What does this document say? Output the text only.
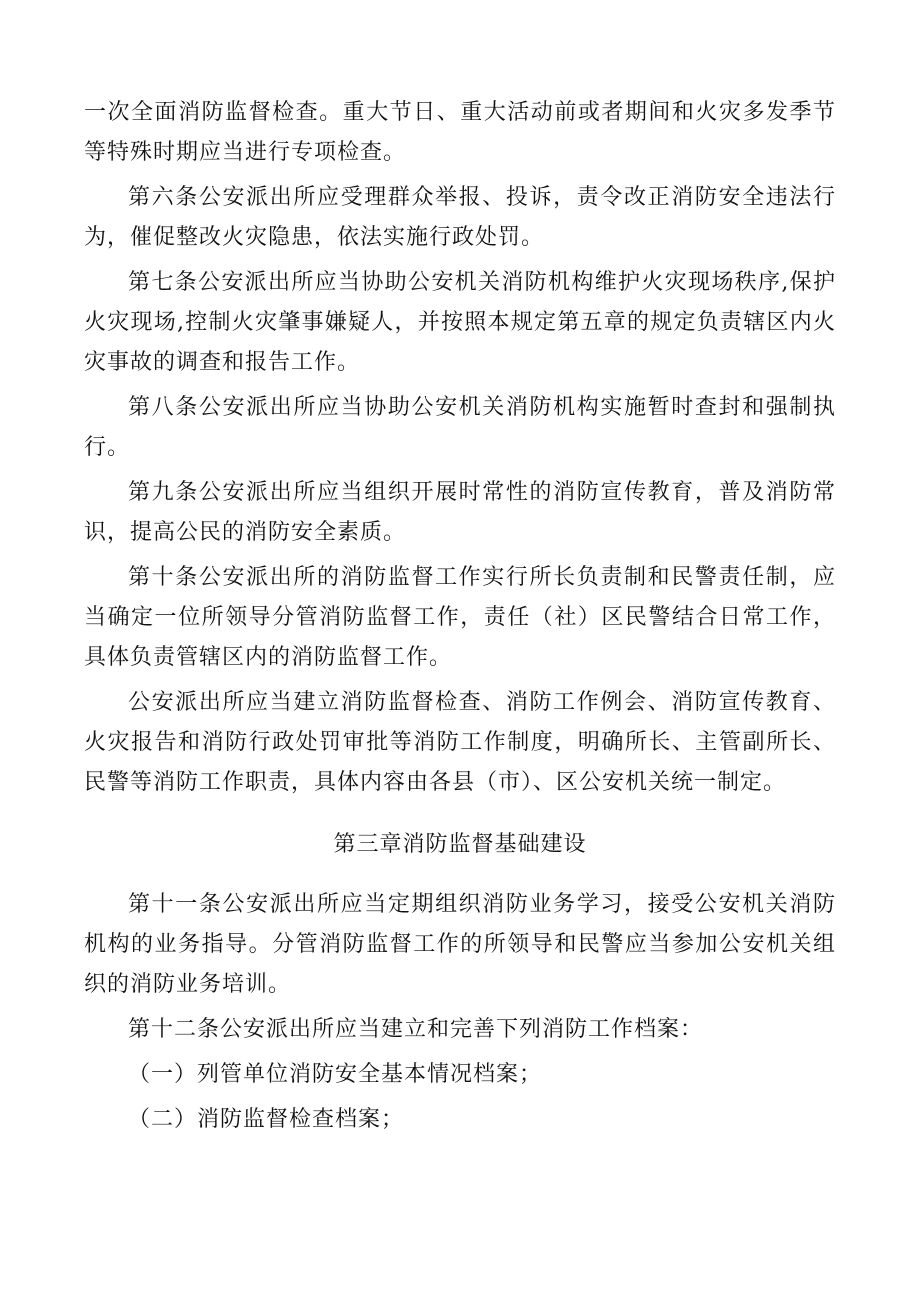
一次全面消防监督检查。重大节日、重大活动前或者期间和火灾多发季节等特殊时期应当进行专项检查。

第六条公安派出所应受理群众举报、投诉，责令改正消防安全违法行为，催促整改火灾隐患，依法实施行政处罚。

第七条公安派出所应当协助公安机关消防机构维护火灾现场秩序,保护火灾现场,控制火灾肇事嫌疑人，并按照本规定第五章的规定负责辖区内火灾事故的调查和报告工作。

第八条公安派出所应当协助公安机关消防机构实施暂时查封和强制执行。

第九条公安派出所应当组织开展时常性的消防宣传教育，普及消防常识，提高公民的消防安全素质。

第十条公安派出所的消防监督工作实行所长负责制和民警责任制，应当确定一位所领导分管消防监督工作，责任（社）区民警结合日常工作，具体负责管辖区内的消防监督工作。

公安派出所应当建立消防监督检查、消防工作例会、消防宣传教育、火灾报告和消防行政处罚审批等消防工作制度，明确所长、主管副所长、民警等消防工作职责，具体内容由各县（市）、区公安机关统一制定。

第三章消防监督基础建设

第十一条公安派出所应当定期组织消防业务学习，接受公安机关消防机构的业务指导。分管消防监督工作的所领导和民警应当参加公安机关组织的消防业务培训。

第十二条公安派出所应当建立和完善下列消防工作档案：

（一）列管单位消防安全基本情况档案；

（二）消防监督检查档案；
